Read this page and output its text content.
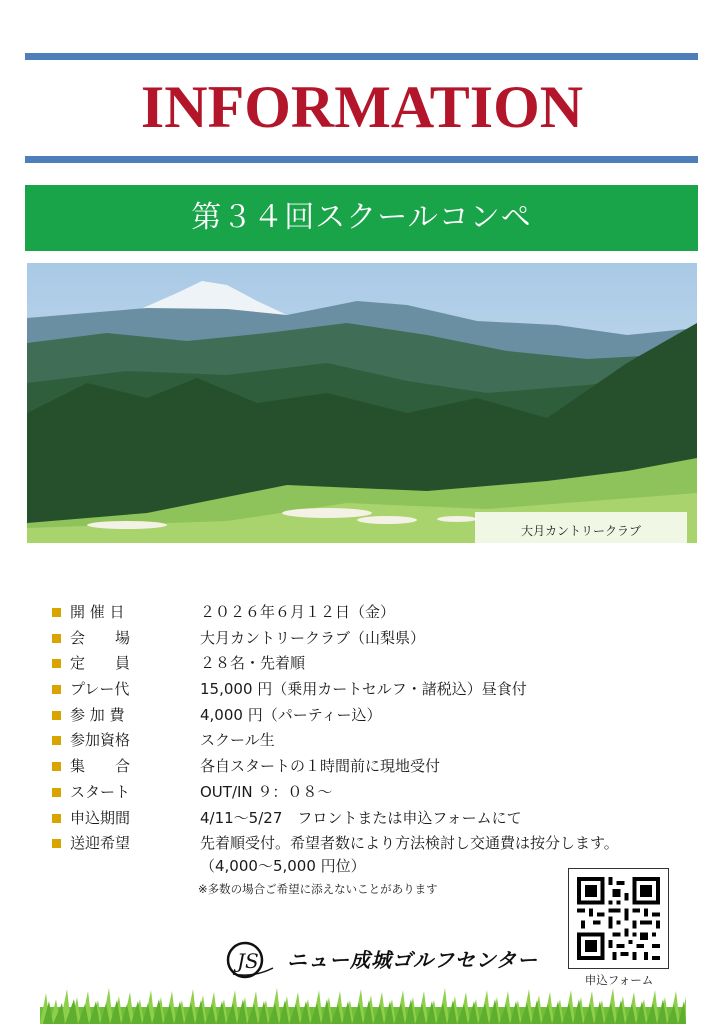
INFORMATION
第３４回スクールコンペ
大月カントリークラブ
開 催 日	２０２６年６月１２日（金）
会　　場	大月カントリークラブ（山梨県）
定　　員	２８名・先着順
プレー代	15,000 円（乗用カートセルフ・諸税込）昼食付
参 加 費	4,000 円（パーティー込）
参加資格	スクール生
集　　合	各自スタートの１時間前に現地受付
スタート	OUT/IN ９：０８～
申込期間	4/11～5/27　フロントまたは申込フォームにて
送迎希望	先着順受付。希望者数により方法検討し交通費は按分します。
（4,000～5,000 円位）
※多数の場合ご希望に添えないことがあります
申込フォーム
JS ニュー成城ゴルフセンター
